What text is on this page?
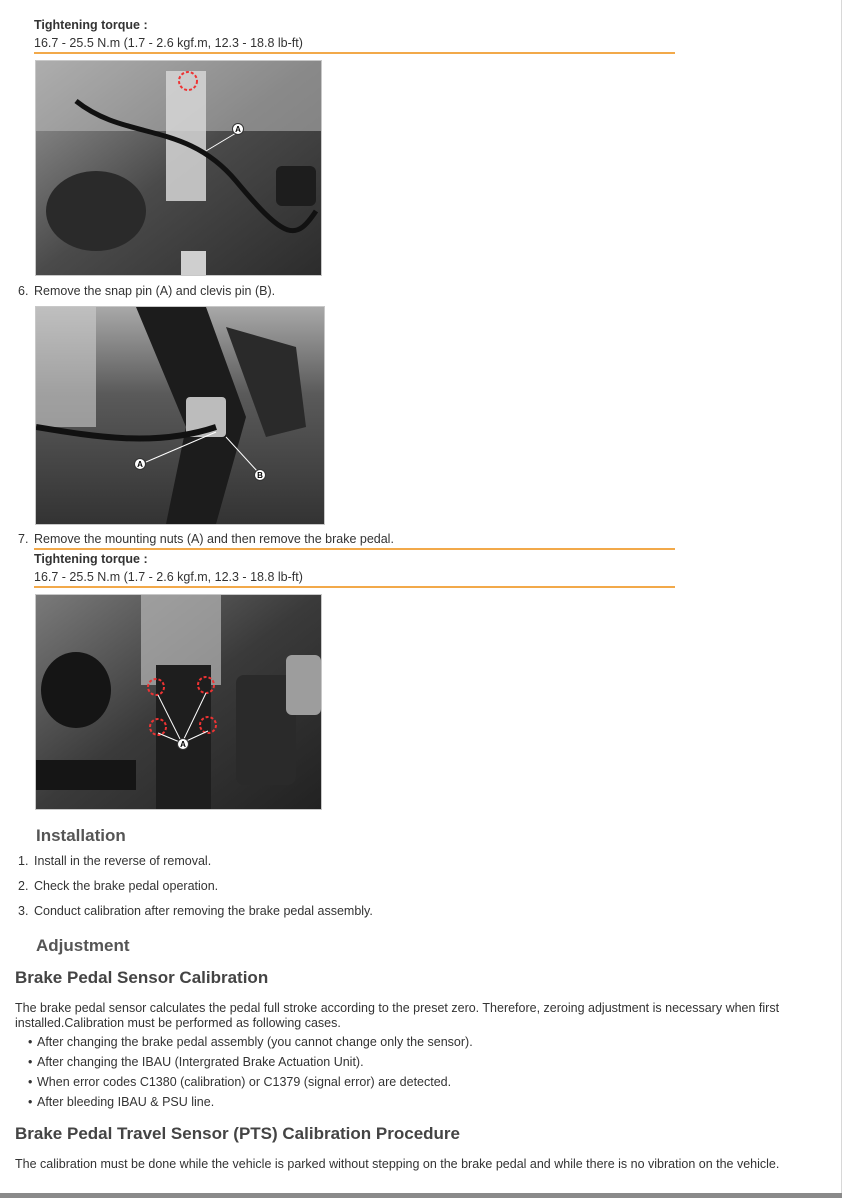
Tightening torque :
16.7 - 25.5 N.m (1.7 - 2.6 kgf.m, 12.3 - 18.8 lb-ft)
A
6. Remove the snap pin (A) and clevis pin (B).
A
B
7. Remove the mounting nuts (A) and then remove the brake pedal.
Tightening torque :
16.7 - 25.5 N.m (1.7 - 2.6 kgf.m, 12.3 - 18.8 lb-ft)
A
Installation
1. Install in the reverse of removal.
2. Check the brake pedal operation.
3. Conduct calibration after removing the brake pedal assembly.
Adjustment
Brake Pedal Sensor Calibration
The brake pedal sensor calculates the pedal full stroke according to the preset zero. Therefore, zeroing adjustment is necessary when first
installed.Calibration must be performed as following cases.
• After changing the brake pedal assembly (you cannot change only the sensor).
• After changing the IBAU (Intergrated Brake Actuation Unit).
• When error codes C1380 (calibration) or C1379 (signal error) are detected.
• After bleeding IBAU & PSU line.
Brake Pedal Travel Sensor (PTS) Calibration Procedure
The calibration must be done while the vehicle is parked without stepping on the brake pedal and while there is no vibration on the vehicle.
